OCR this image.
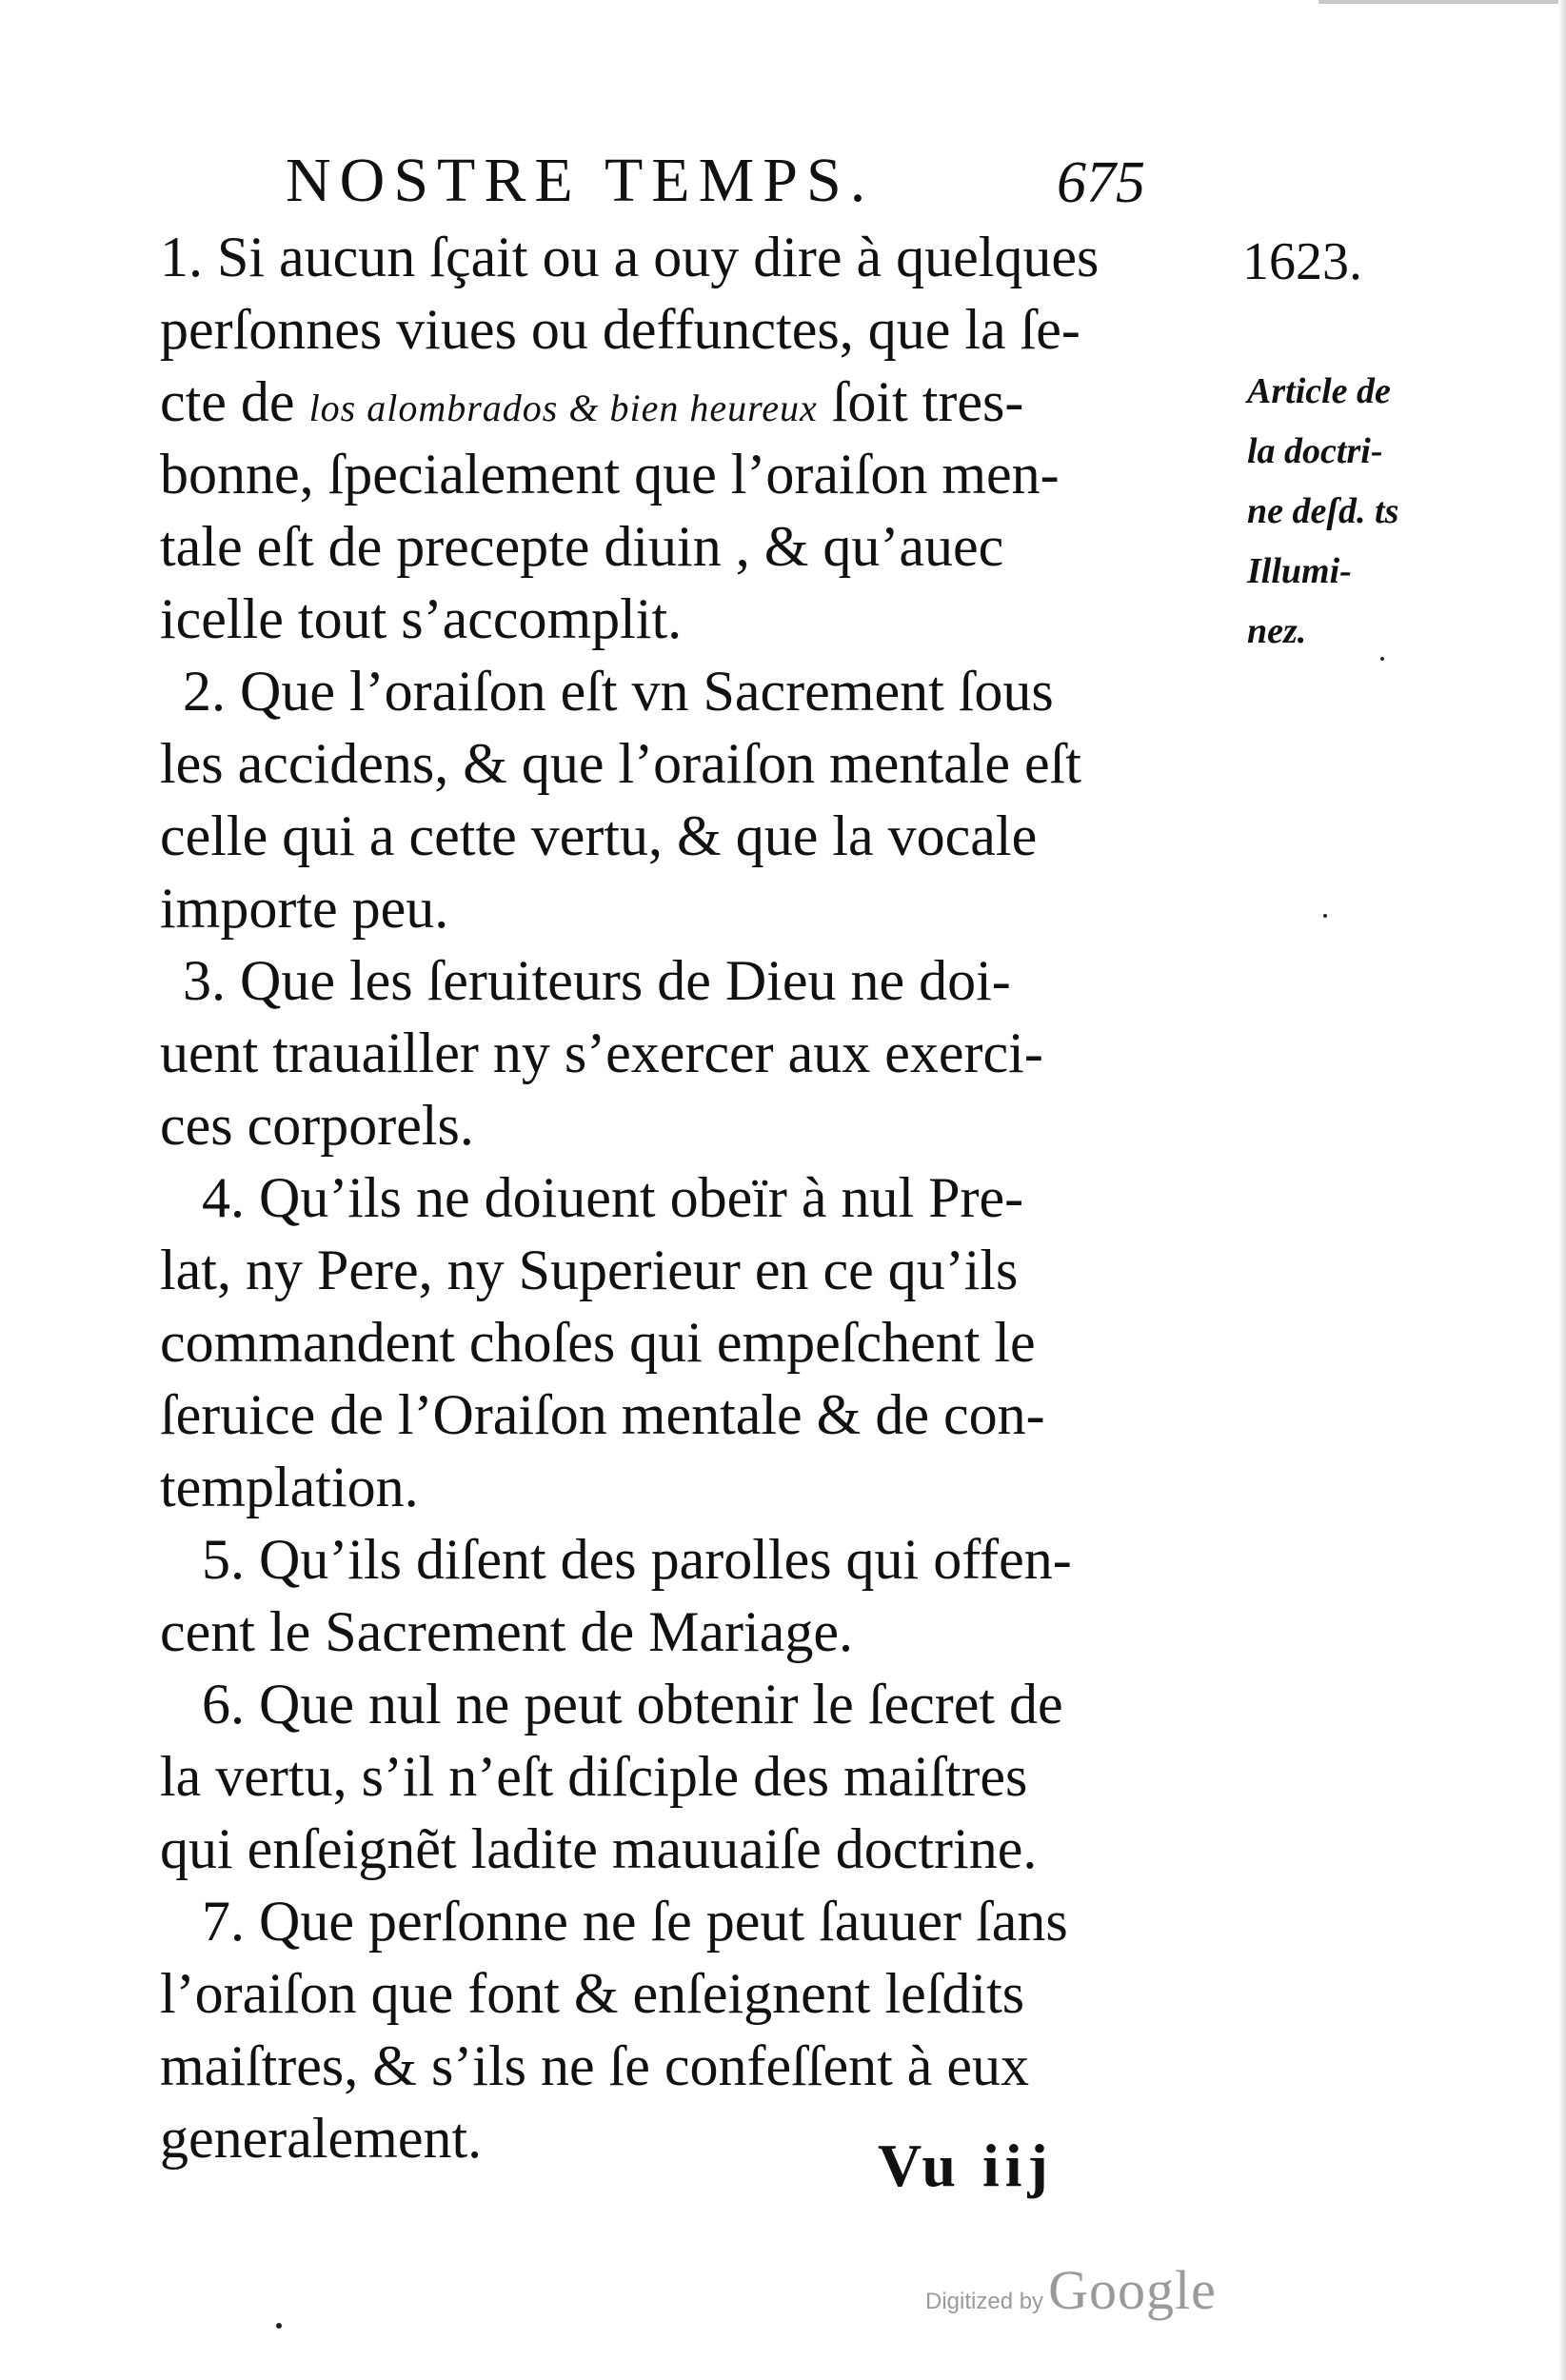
NOSTRE TEMPS.	675
1623.
Article de
la doctri-
ne deſd. ts
Illumi-
nez.
1. Si aucun ſçait ou a ouy dire à quelques
perſonnes viues ou deffunctes, que la ſe-
cte de los alombrados & bien heureux ſoit tres-
bonne, ſpecialement que l’oraiſon men-
tale eſt de precepte diuin , & qu’auec
icelle tout s’accomplit.
2. Que l’oraiſon eſt vn Sacrement ſous
les accidens, & que l’oraiſon mentale eſt
celle qui a cette vertu, & que la vocale
importe peu.
3. Que les ſeruiteurs de Dieu ne doi-
uent trauailler ny s’exercer aux exerci-
ces corporels.
4. Qu’ils ne doiuent obeïr à nul Pre-
lat, ny Pere, ny Superieur en ce qu’ils
commandent choſes qui empeſchent le
ſeruice de l’Oraiſon mentale & de con-
templation.
5. Qu’ils diſent des parolles qui offen-
cent le Sacrement de Mariage.
6. Que nul ne peut obtenir le ſecret de
la vertu, s’il n’eſt diſciple des maiſtres
qui enſeignẽt ladite mauuaiſe doctrine.
7. Que perſonne ne ſe peut ſauuer ſans
l’oraiſon que font & enſeignent leſdits
maiſtres, & s’ils ne ſe confeſſent à eux
generalement.	Vu iij
Digitized by Google
